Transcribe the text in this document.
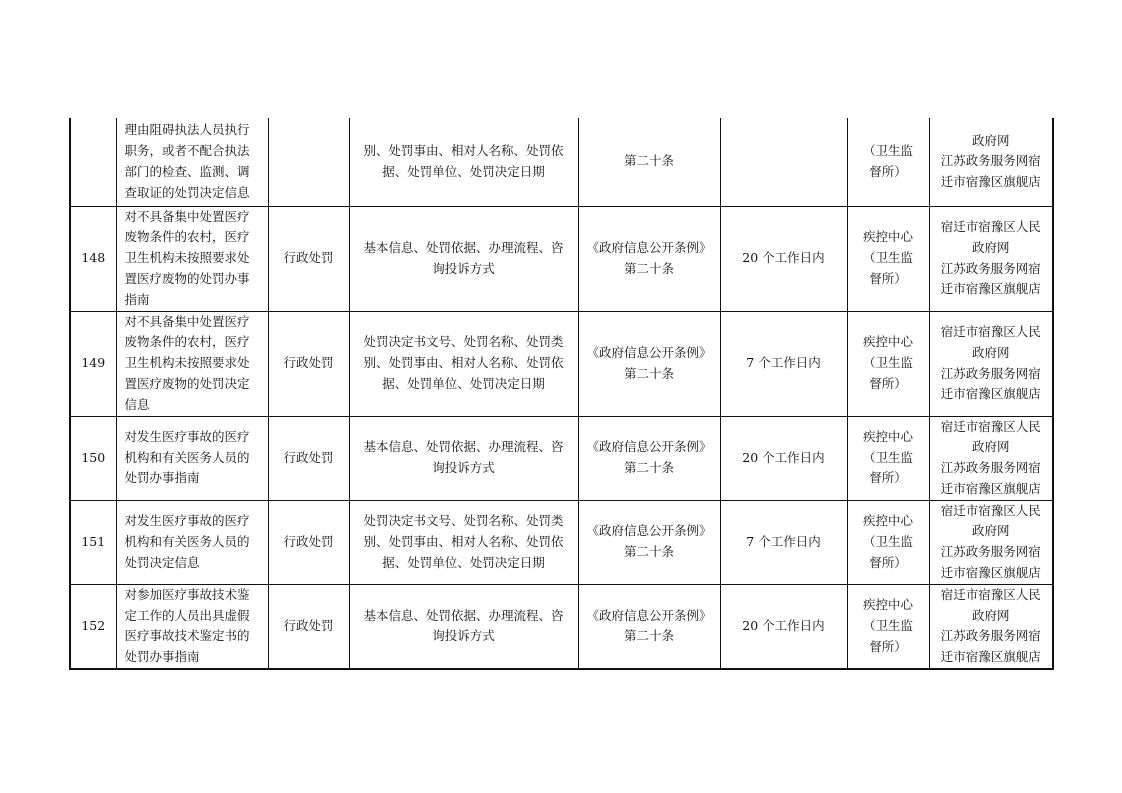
	理由阻碍执法人员执行
职务，或者不配合执法
部门的检查、监测、调
查取证的处罚决定信息		别、处罚事由、相对人名称、处罚依
据、处罚单位、处罚决定日期	第二十条		（卫生监
督所）	政府网
江苏政务服务网宿
迁市宿豫区旗舰店

148	对不具备集中处置医疗
废物条件的农村，医疗
卫生机构未按照要求处
置医疗废物的处罚办事
指南	行政处罚	基本信息、处罚依据、办理流程、咨
询投诉方式	《政府信息公开条例》
第二十条	20 个工作日内	疾控中心
（卫生监
督所）	宿迁市宿豫区人民
政府网
江苏政务服务网宿
迁市宿豫区旗舰店

149	对不具备集中处置医疗
废物条件的农村，医疗
卫生机构未按照要求处
置医疗废物的处罚决定
信息	行政处罚	处罚决定书文号、处罚名称、处罚类
别、处罚事由、相对人名称、处罚依
据、处罚单位、处罚决定日期	《政府信息公开条例》
第二十条	7 个工作日内	疾控中心
（卫生监
督所）	宿迁市宿豫区人民
政府网
江苏政务服务网宿
迁市宿豫区旗舰店

150	对发生医疗事故的医疗
机构和有关医务人员的
处罚办事指南	行政处罚	基本信息、处罚依据、办理流程、咨
询投诉方式	《政府信息公开条例》
第二十条	20 个工作日内	疾控中心
（卫生监
督所）	宿迁市宿豫区人民
政府网
江苏政务服务网宿
迁市宿豫区旗舰店

151	对发生医疗事故的医疗
机构和有关医务人员的
处罚决定信息	行政处罚	处罚决定书文号、处罚名称、处罚类
别、处罚事由、相对人名称、处罚依
据、处罚单位、处罚决定日期	《政府信息公开条例》
第二十条	7 个工作日内	疾控中心
（卫生监
督所）	宿迁市宿豫区人民
政府网
江苏政务服务网宿
迁市宿豫区旗舰店

152	对参加医疗事故技术鉴
定工作的人员出具虚假
医疗事故技术鉴定书的
处罚办事指南	行政处罚	基本信息、处罚依据、办理流程、咨
询投诉方式	《政府信息公开条例》
第二十条	20 个工作日内	疾控中心
（卫生监
督所）	宿迁市宿豫区人民
政府网
江苏政务服务网宿
迁市宿豫区旗舰店
